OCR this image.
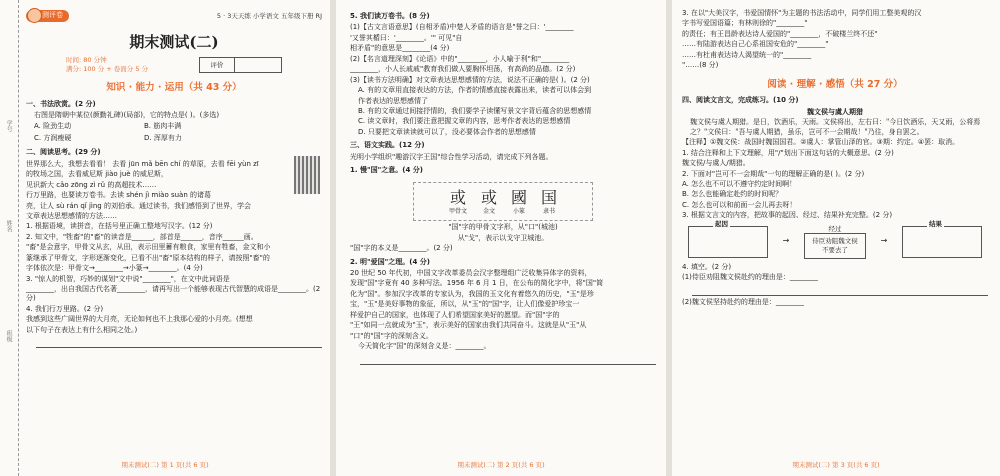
学号
姓名
班级
测评卷	5 · 3天天练 小学语文 五年级下册 RJ
期末测试(二)
时间: 80 分钟
满分: 100 分 + 卷面分 5 分	评价
知识 · 能力 · 运用（共 43 分）
一、书法欣赏。(2 分)

右图是隋朝中某位(颜勤礼碑)(局部)，它的特点是( )。(多选)

A. 险劲生动	B. 筋肉丰满

C. 方润瘦硬	D. 浑厚有力

二、阅读思考。(29 分)

世界那么大，我想去看看！ 去看 jūn mǎ bēn chí 的草原，去看 fēi yùn zī

的牧场之国，去看威尼斯 jiào juè 的威尼斯，

见识新大 cǎo zōng zì rǔ 的高超技术……

行万里路，也要读万卷书。去读 shén jì miào suàn 的诸葛

亮，让人 sù rán qǐ jìng 的刘伯承。通过读书，我们感悟到了世界，学会

文章表达思想感情的方法……

1. 根据语境，读拼音，在括号里正确工整地写汉字。(12 分)

2. 知文中，"牲畜"的"畜"的读音是______，部首是______，音序______画。

"畜"是会意字，甲骨文从玄，从田，表示田里蓄有粮食，家里有牲畜，金文和小

篆继承了甲骨文，字形逐渐变化，已看不出"畜"原本结构的样子，请按照"畜"的

字体依次是：甲骨文→________→小篆→________。(4 分)

3. "惊人的机智，巧妙的谋划"文中说"________"，在文中此词语是

________，出自我国古代名著________，请再写出一个能够表现古代智慧的成语是________。(2 分)

4. 我们行万里路。(2 分)

我感到这些广阔世界的大月亮，无论如何也不上我那心爱的小月亮。(想想

以下句子在表达上有什么相同之处。)

期末测试(二) 第 1 页(共 6 页)
5. 我们读万卷书。(8 分)

(1)【古文言语意思】(自相矛盾)中楚人矛盾的语言是"誉之曰：'________

'又誉其楯曰：'________。'" 可见"自

相矛盾"的意思是________(4 分)

(2)【名言道理深刻】《论语》中的"________，小人喻于利"和"________

________，小人长戚戚"教育我们做人要胸怀坦荡，有高尚的品德。(2 分)

(3)【读书方法明确】对文章表达思想感情的方法，说法不正确的是( )。(2 分)

A. 有的文章用直接表达的方法，作者的情感直接表露出来，读者可以体会到

作者表达的思想感情了

B. 有的文章通过间接抒情的，我们要学子读懂写景文字背后蕴含的思想感情

C. 读文章时，我们要注意把握文章的内容，思考作者表达的思想感情

D. 只要把文章读读就可以了，没必要体会作者的思想感情

三、语文实践。(12 分)

光明小学组织"趣游汉字王国"综合性学习活动，请完成下列各题。

1. 慢"国"之意。(4 分)
或
甲骨文
或
金文
國
小篆
国
隶书

"国"字的甲骨文字形，从"口"(城池)

从"戈"，表示以戈守卫城池。

"国"字的本义是________。(2 分)

2. 明"爱国"之理。(4 分)

20 世纪 50 年代初，中国文字改革委员会汉字整理组广泛收集异体字的资料，

发现"国"字竟有 40 多种写法。1956 年 6 月 1 日，在公布的简化字中，将"国"简

化为"国"。参加汉字改革的专家认为，我国的玉文化有着悠久的历史，"玉"是珍

宝，"玉"是美好事物的象征，所以，从"玉"的"国"字，让人们像爱护珍宝一

样爱护自己的国家，也体现了人们希望国家美好的愿望。而"国"字的

"王"如同一点就成为"玉"，表示美好的国家由我们共同奋斗。这就是从"玉"从

"口"的"国"字的深刻含义。

今天简化字"国"的深刻含义是：________。

期末测试(二) 第 2 页(共 6 页)

3. 在以"大美汉字，书爱国情怀"为主题的书法活动中，同学们用工整美观的汉

字书写爱国语篇；有林则徐的"________"

的责任；有王昌龄表达诗人爱国的"________，不破楼兰终不还"

……有陆游表达自己心系祖国安危的"________"

……有杜甫表达诗人渴望统一的"________

"……(8 分)

阅读 · 理解 · 感悟（共 27 分）
四、阅读文言文，完成练习。(10 分)

魏文侯与虞人期猎

魏文侯与虞人期猎。是日，饮酒乐，天雨。文侯将出，左右曰："今日饮酒乐，天又雨，公将焉之？"文侯曰："吾与虞人期猎，虽乐，岂可不一会期哉！"乃往，身自罢之。

【注释】①魏文侯：战国时魏国国君。②虞人：掌管山泽的官。③期：约定。④罢：取消。

1. 结合注释和上下文理解，用"/"划出下面这句话的大概意思。(2 分)

魏文侯/与虞人/期猎。

2. 下面对"岂可不一会期哉"一句的理解正确的是( )。(2 分)

A. 怎么也不可以不遵守约定时间啊！

B. 怎么也能确定赴约的时间呢？

C. 怎么也可以和前面一会儿再去呀！

3. 根据文言文的内容，把故事的起因、经过、结果补充完整。(2 分)

起因
→
经过
侍臣劝阻魏文侯不要去了
→
结果

4. 填空。(2 分)

(1)侍臣劝阻魏文侯赴约的理由是：________

(2)魏文侯坚持赴约的理由是：________

期末测试(二) 第 3 页(共 6 页)
